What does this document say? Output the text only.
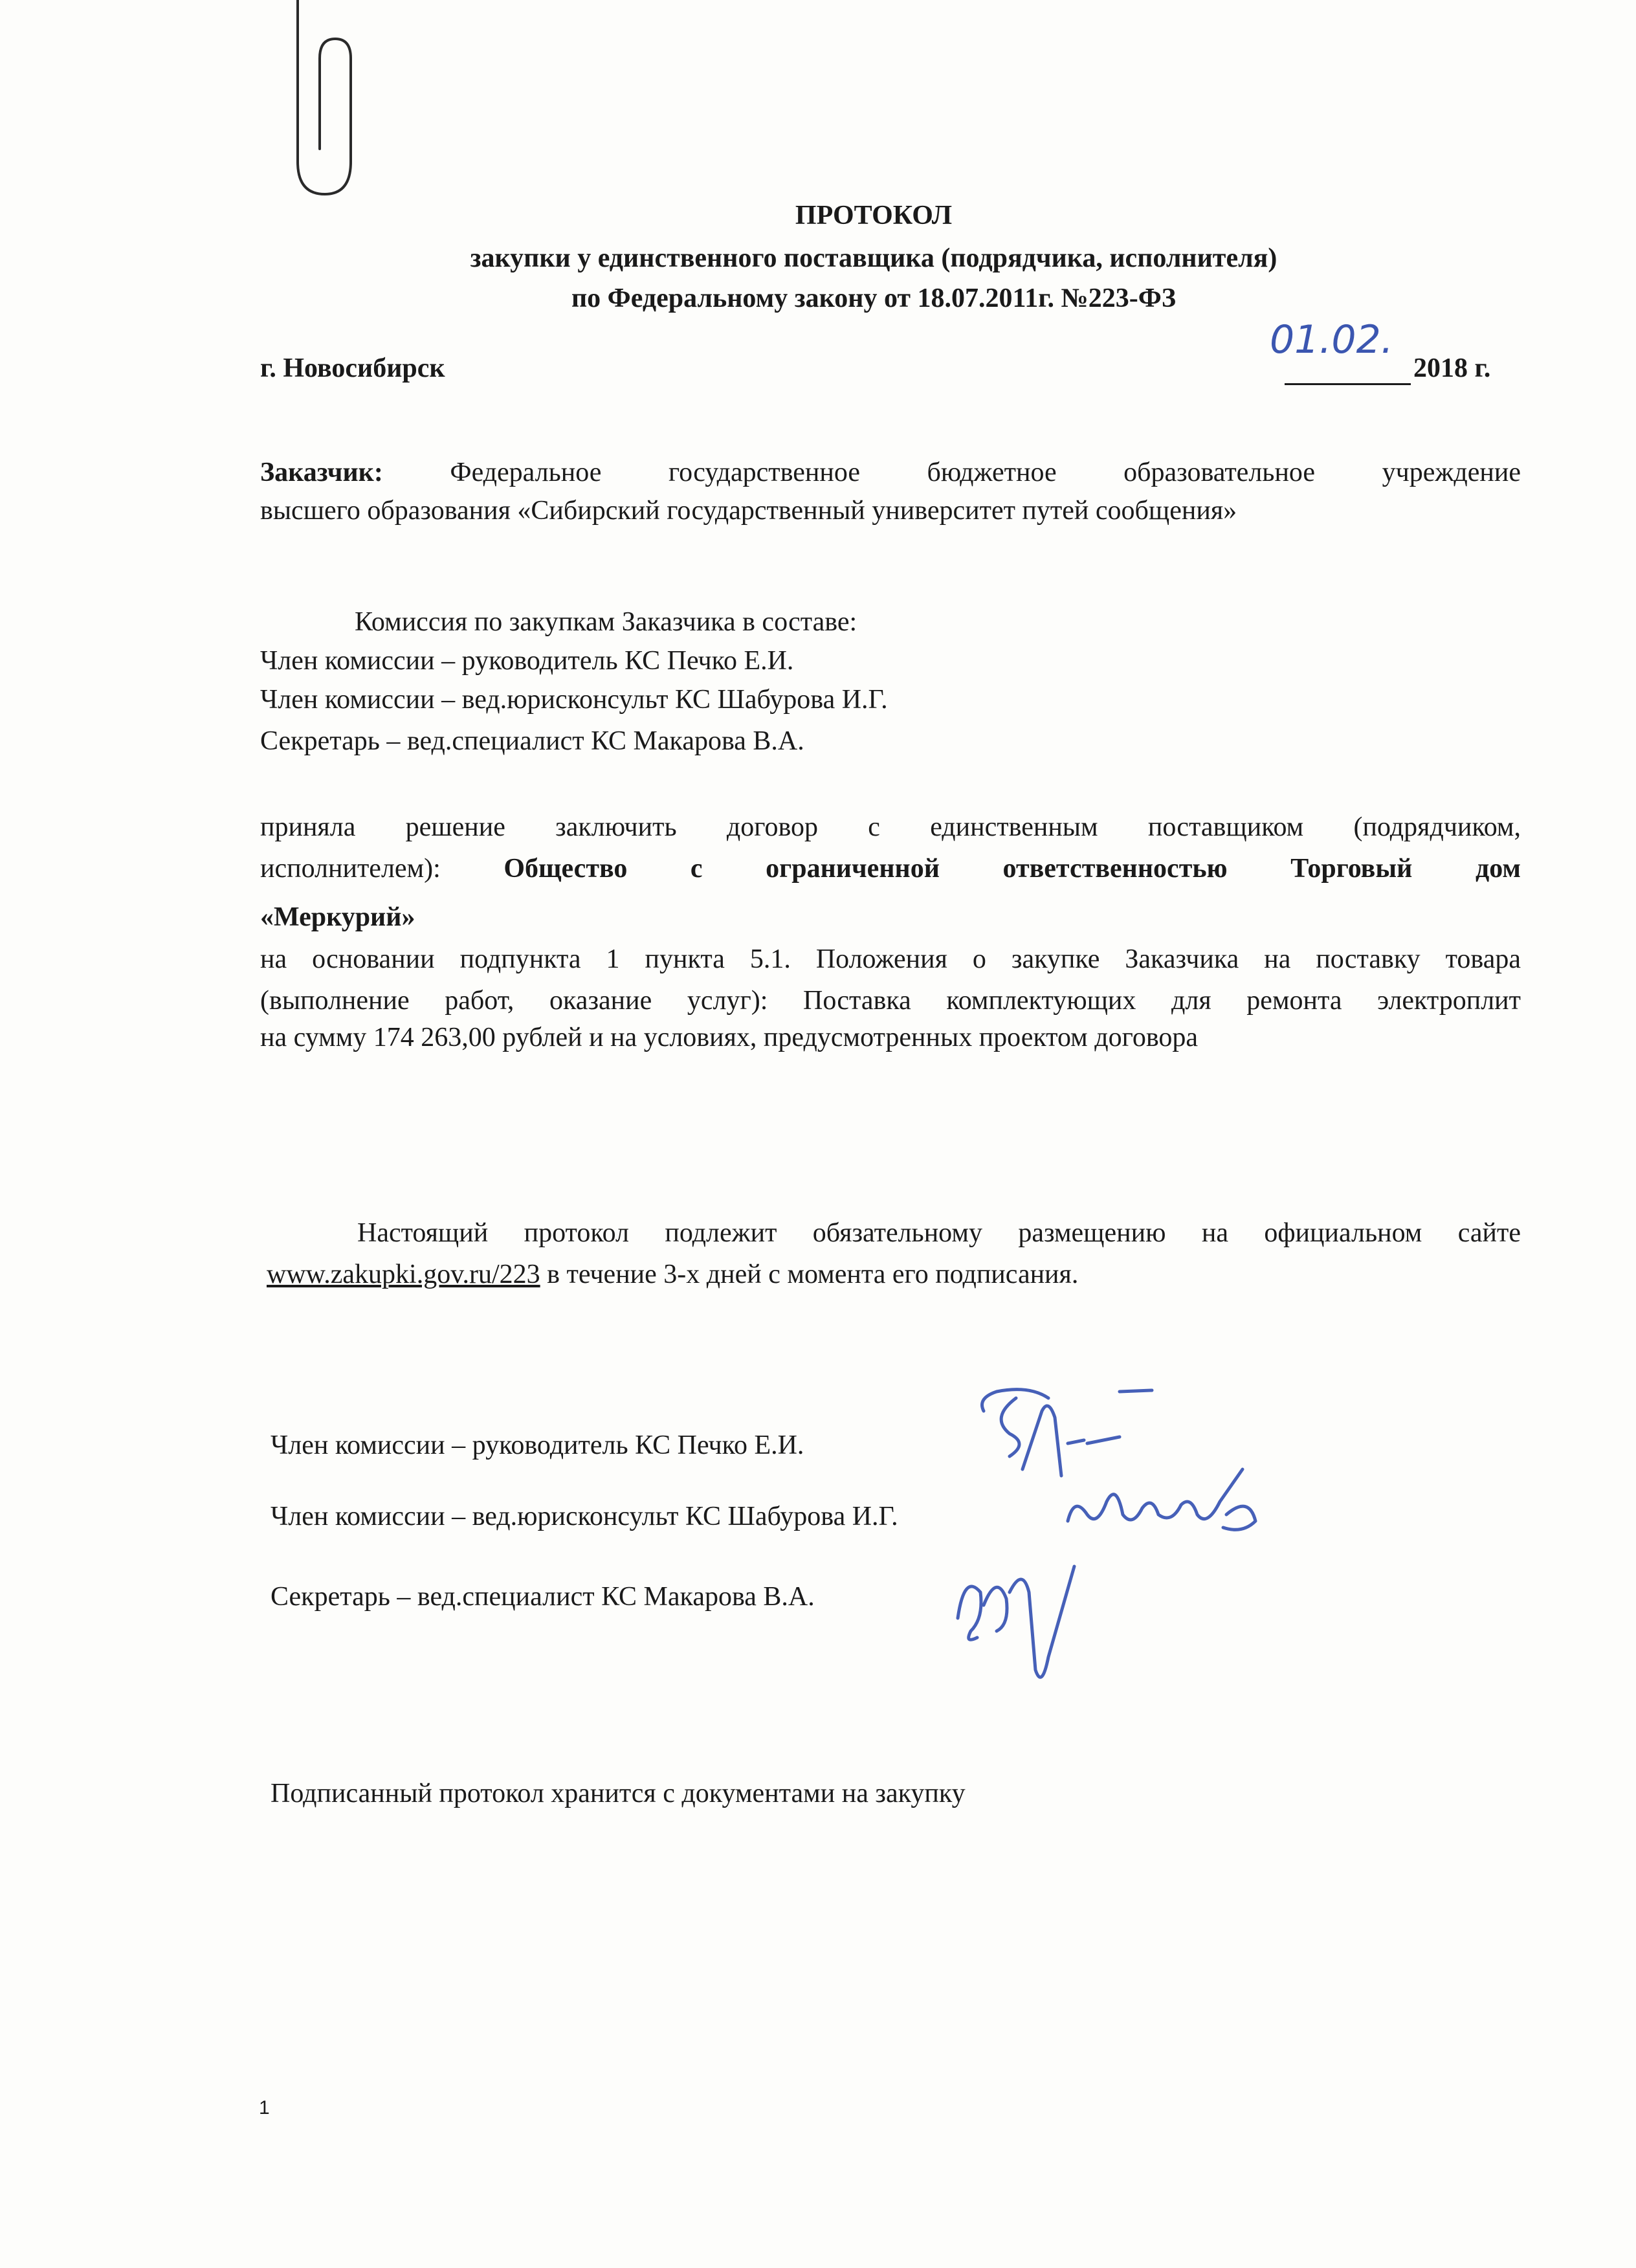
ПРОТОКОЛ
закупки у единственного поставщика (подрядчика, исполнителя)
по Федеральному закону от 18.07.2011г. №223-ФЗ
г. Новосибирск
01.02.
2018 г.
Заказчик: Федеральное государственное бюджетное образовательное учреждение
высшего образования «Сибирский государственный университет путей сообщения»
Комиссия по закупкам Заказчика в составе:
Член комиссии – руководитель КС Печко Е.И.
Член комиссии – вед.юрисконсульт КС Шабурова И.Г.
Секретарь – вед.специалист КС Макарова В.А.
приняла решение заключить договор с единственным поставщиком (подрядчиком,
исполнителем): Общество с ограниченной ответственностью Торговый дом
«Меркурий»
на основании подпункта 1 пункта 5.1. Положения о закупке Заказчика на поставку товара
(выполнение работ, оказание услуг): Поставка комплектующих для ремонта электроплит
на сумму 174 263,00 рублей и на условиях, предусмотренных проектом договора
Настоящий протокол подлежит обязательному размещению на официальном сайте
www.zakupki.gov.ru/223 в течение 3-х дней с момента его подписания.
Член комиссии – руководитель КС Печко Е.И.
Член комиссии – вед.юрисконсульт КС Шабурова И.Г.
Секретарь – вед.специалист КС Макарова В.А.
Подписанный протокол хранится с документами на закупку
1
